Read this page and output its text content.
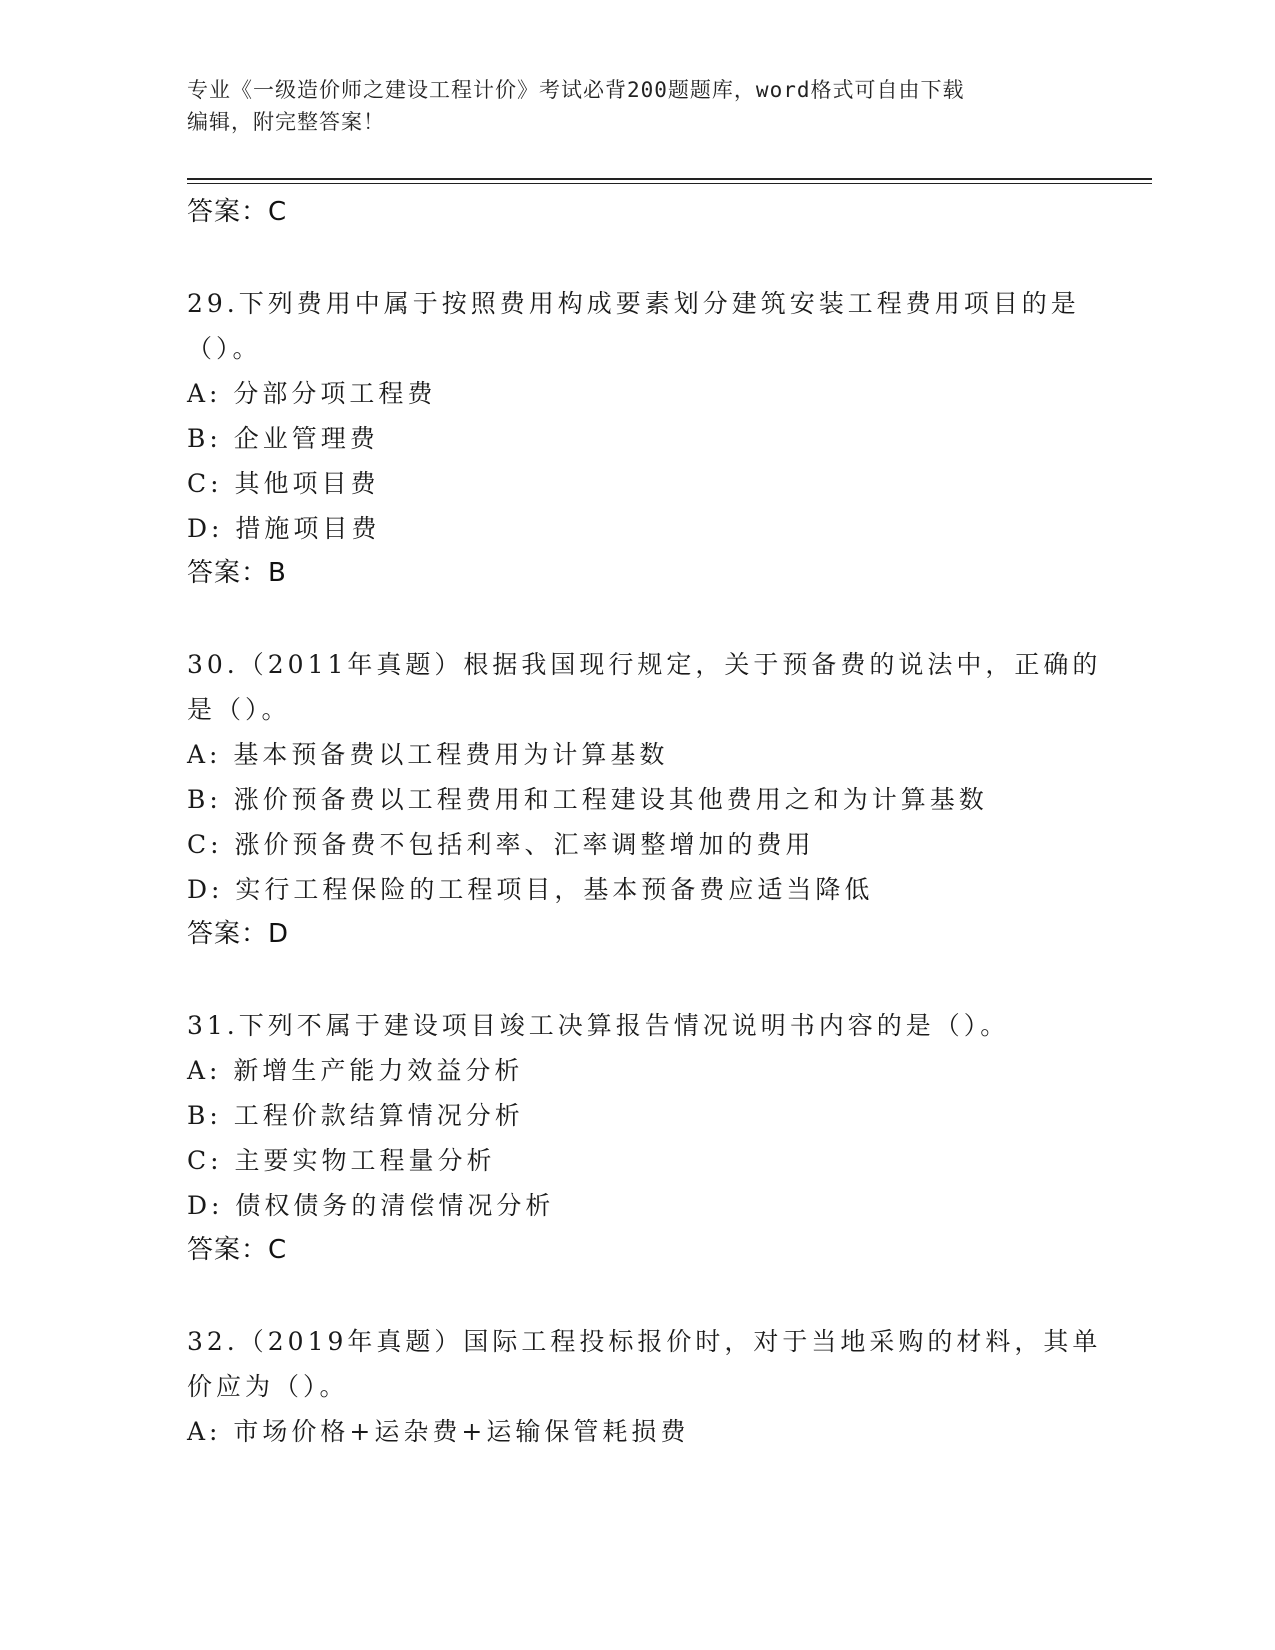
专业《一级造价师之建设工程计价》考试必背200题题库，word格式可自由下载
编辑，附完整答案！
答案：C
29.下列费用中属于按照费用构成要素划分建筑安装工程费用项目的是
（）。
A: 分部分项工程费
B: 企业管理费
C: 其他项目费
D: 措施项目费
答案：B
30.（2011年真题）根据我国现行规定，关于预备费的说法中，正确的
是（）。
A: 基本预备费以工程费用为计算基数
B: 涨价预备费以工程费用和工程建设其他费用之和为计算基数
C: 涨价预备费不包括利率、汇率调整增加的费用
D: 实行工程保险的工程项目，基本预备费应适当降低
答案：D
31.下列不属于建设项目竣工决算报告情况说明书内容的是（）。
A: 新增生产能力效益分析
B: 工程价款结算情况分析
C: 主要实物工程量分析
D: 债权债务的清偿情况分析
答案：C
32.（2019年真题）国际工程投标报价时，对于当地采购的材料，其单
价应为（）。
A: 市场价格+运杂费+运输保管耗损费
